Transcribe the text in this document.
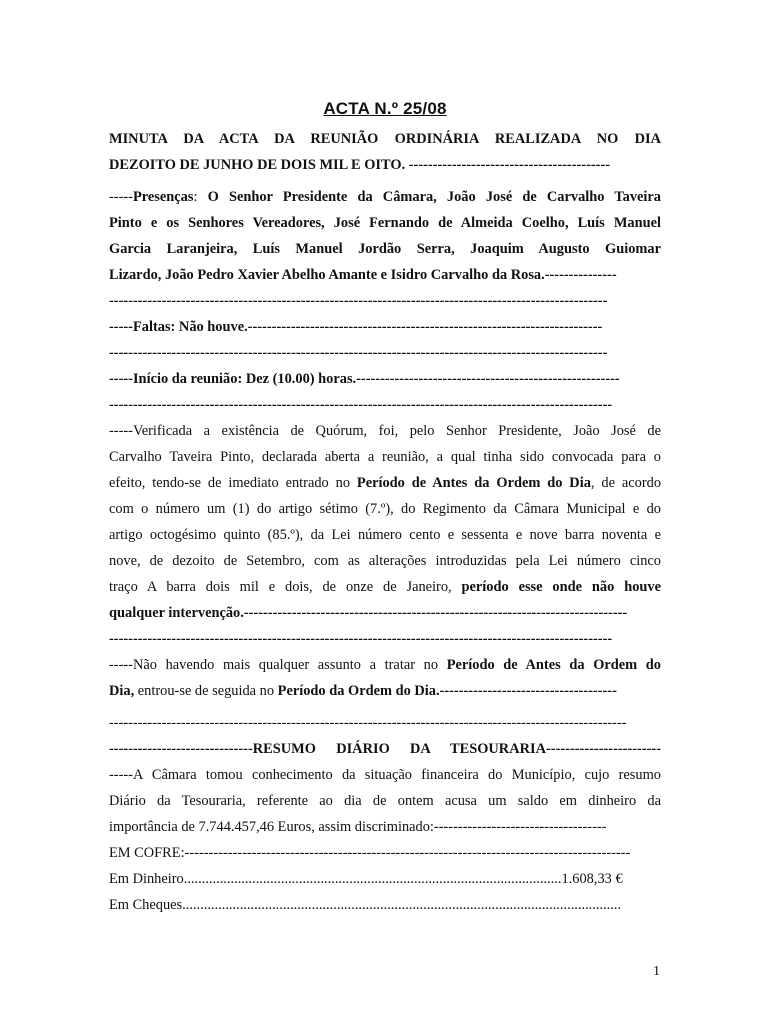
ACTA N.º 25/08
MINUTA DA ACTA DA REUNIÃO ORDINÁRIA REALIZADA NO DIA
DEZOITO DE JUNHO DE DOIS MIL E OITO. ------------------------------------------
-----Presenças: O Senhor Presidente da Câmara, João José de Carvalho Taveira
Pinto e os Senhores Vereadores, José Fernando de Almeida Coelho, Luís Manuel
Garcia Laranjeira, Luís Manuel Jordão Serra, Joaquim Augusto Guiomar
Lizardo, João Pedro Xavier Abelho Amante e Isidro Carvalho da Rosa.---------------
--------------------------------------------------------------------------------------------------------
-----Faltas: Não houve.--------------------------------------------------------------------------
--------------------------------------------------------------------------------------------------------
-----Início da reunião: Dez (10.00) horas.-------------------------------------------------------
---------------------------------------------------------------------------------------------------------
-----Verificada a existência de Quórum, foi, pelo Senhor Presidente, João José de
Carvalho Taveira Pinto, declarada aberta a reunião, a qual tinha sido convocada para o
efeito, tendo-se de imediato entrado no Período de Antes da Ordem do Dia, de acordo
com o número um (1) do artigo sétimo (7.º), do Regimento da Câmara Municipal e do
artigo octogésimo quinto (85.º), da Lei número cento e sessenta e nove barra noventa e
nove, de dezoito de Setembro, com as alterações introduzidas pela Lei número cinco
traço A barra dois mil e dois, de onze de Janeiro, período esse onde não houve
qualquer intervenção.--------------------------------------------------------------------------------
---------------------------------------------------------------------------------------------------------
-----Não havendo mais qualquer assunto a tratar no Período de Antes da Ordem do
Dia, entrou-se de seguida no Período da Ordem do Dia.-------------------------------------
------------------------------------------------------------------------------------------------------------
------------------------------RESUMO DIÁRIO DA TESOURARIA------------------------
-----A Câmara tomou conhecimento da situação financeira do Município, cujo resumo
Diário da Tesouraria, referente ao dia de ontem acusa um saldo em dinheiro da
importância de 7.744.457,46 Euros, assim discriminado:------------------------------------
EM COFRE:---------------------------------------------------------------------------------------------
Em Dinheiro.........................................................................................................1.608,33 €
Em Cheques..........................................................................................................................
1
